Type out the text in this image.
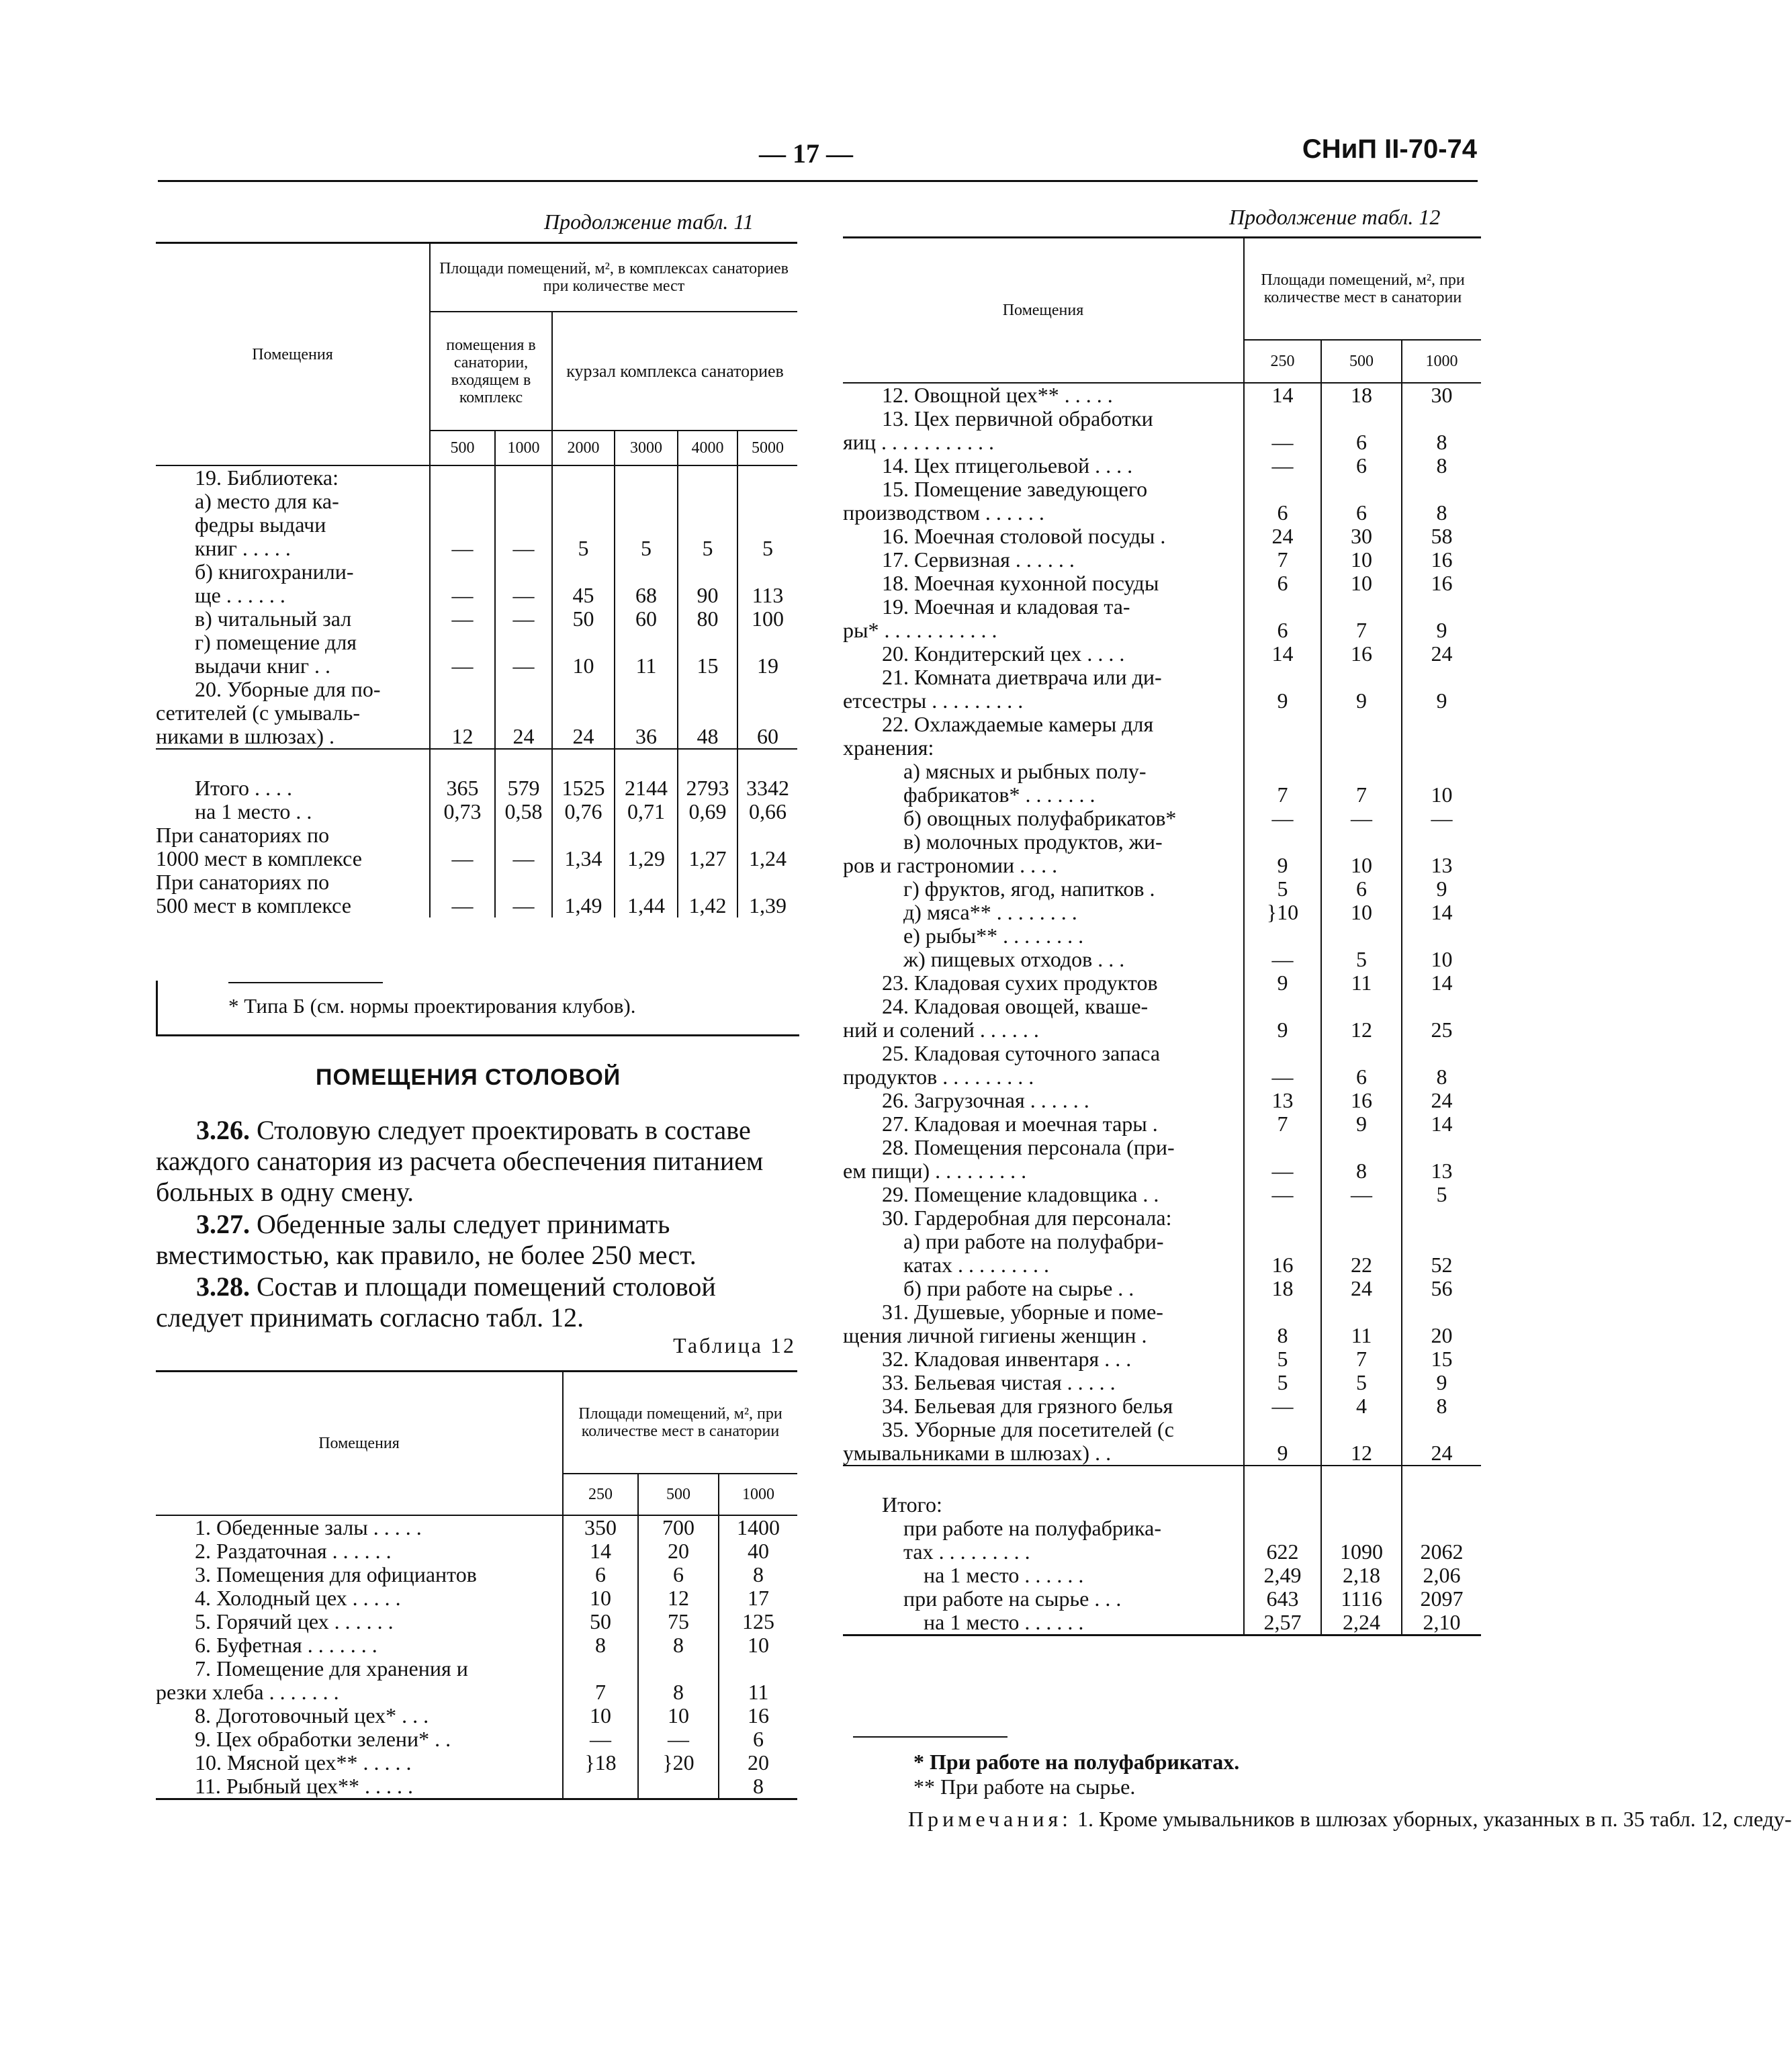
— 17 —	СНиП II-70-74
Продолжение табл. 11
Помещения	Площади помещений, м², в комплексах санаториев при количестве мест					
	помещения в санатории, входящем в комплекс		курзал комплекса санаториев			
	500	1000	2000	3000	4000	5000
19. Библиотека:						
а) место для ка-						
федры выдачи						
книг . . . . .	—	—	5	5	5	5
б) книгохранили-						
ще . . . . . .	—	—	45	68	90	113
в) читальный зал	—	—	50	60	80	100
г) помещение для						
выдачи книг . .	—	—	10	11	15	19
20. Уборные для по-						
сетителей (с умываль-						
никами в шлюзах) .	12	24	24	36	48	60

Итого . . . .	365	579	1525	2144	2793	3342
на 1 место . .	0,73	0,58	0,76	0,71	0,69	0,66
При санаториях по						
1000 мест в комплексе	—	—	1,34	1,29	1,27	1,24
При санаториях по						
500 мест в комплексе	—	—	1,49	1,44	1,42	1,39
* Типа Б (см. нормы проектирования клубов).
ПОМЕЩЕНИЯ СТОЛОВОЙ
3.26. Столовую следует проектировать в составе каждого санатория из расчета обеспечения питанием больных в одну смену.
3.27. Обеденные залы следует принимать вместимостью, как правило, не более 250 мест.
3.28. Состав и площади помещений столовой следует принимать согласно табл. 12.
Таблица 12
Помещения	Площади помещений, м², при количестве мест в санатории		
	250	500	1000
1. Обеденные залы . . . . .	350	700	1400
2. Раздаточная . . . . . .	14	20	40
3. Помещения для официантов	6	6	8
4. Холодный цех . . . . .	10	12	17
5. Горячий цех . . . . . .	50	75	125
6. Буфетная . . . . . . .	8	8	10
7. Помещение для хранения и			
резки хлеба . . . . . . .	7	8	11
8. Доготовочный цех* . . .	10	10	16
9. Цех обработки зелени* . .	—	—	6
10. Мясной цех** . . . . .	}18	}20	20
11. Рыбный цех** . . . . .			8
Продолжение табл. 12
Помещения	Площади помещений, м², при количестве мест в санатории		
	250	500	1000
12. Овощной цех** . . . . .	14	18	30
13. Цех первичной обработки			
яиц . . . . . . . . . . .	—	6	8
14. Цех птицегольевой . . . .	—	6	8
15. Помещение заведующего			
производством . . . . . .	6	6	8
16. Моечная столовой посуды .	24	30	58
17. Сервизная . . . . . .	7	10	16
18. Моечная кухонной посуды	6	10	16
19. Моечная и кладовая та-			
ры* . . . . . . . . . . .	6	7	9
20. Кондитерский цех . . . .	14	16	24
21. Комната диетврача или ди-			
етсестры . . . . . . . . .	9	9	9
22. Охлаждаемые камеры для			
хранения:			
а) мясных и рыбных полу-			
фабрикатов* . . . . . . .	7	7	10
б) овощных полуфабрикатов*	—	—	—
в) молочных продуктов, жи-			
ров и гастрономии . . . .	9	10	13
г) фруктов, ягод, напитков .	5	6	9
д) мяса** . . . . . . . .	}10	10	14
е) рыбы** . . . . . . . .			
ж) пищевых отходов . . .	—	5	10
23. Кладовая сухих продуктов	9	11	14
24. Кладовая овощей, кваше-			
ний и солений . . . . . .	9	12	25
25. Кладовая суточного запаса			
продуктов . . . . . . . . .	—	6	8
26. Загрузочная . . . . . .	13	16	24
27. Кладовая и моечная тары .	7	9	14
28. Помещения персонала (при-			
ем пищи) . . . . . . . . .	—	8	13
29. Помещение кладовщика . .	—	—	5
30. Гардеробная для персонала:			
а) при работе на полуфабри-			
катах . . . . . . . . .	16	22	52
б) при работе на сырье . .	18	24	56
31. Душевые, уборные и поме-			
щения личной гигиены женщин .	8	11	20
32. Кладовая инвентаря . . .	5	7	15
33. Бельевая чистая . . . . .	5	5	9
34. Бельевая для грязного белья	—	4	8
35. Уборные для посетителей (с			
умывальниками в шлюзах) . .	9	12	24

Итого:			
при работе на полуфабрика-			
тах . . . . . . . . .	622	1090	2062
на 1 место . . . . . .	2,49	2,18	2,06
при работе на сырье . . .	643	1116	2097
на 1 место . . . . . .	2,57	2,24	2,10
* При работе на полуфабрикатах.
** При работе на сырье.
Примечания: 1. Кроме умывальников в шлюзах уборных, указанных в п. 35 табл. 12, следу-
